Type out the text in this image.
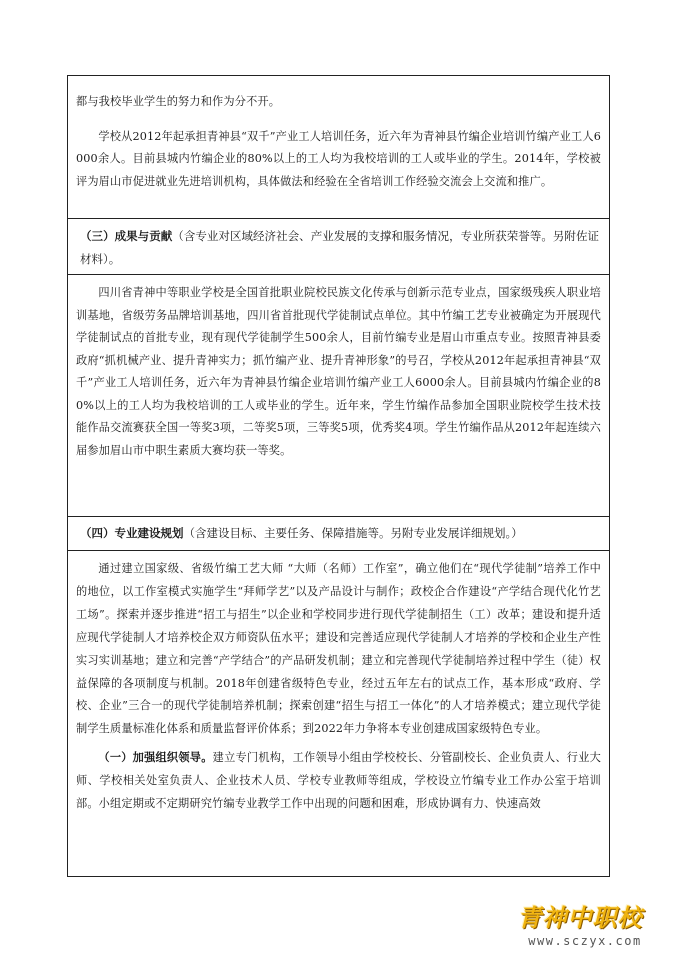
都与我校毕业学生的努力和作为分不开。

学校从2012年起承担青神县“双千”产业工人培训任务，近六年为青神县竹编企业培训竹编产业工人6000余人。目前县城内竹编企业的80%以上的工人均为我校培训的工人或毕业的学生。2014年，学校被评为眉山市促进就业先进培训机构，具体做法和经验在全省培训工作经验交流会上交流和推广。

（三）成果与贡献（含专业对区域经济社会、产业发展的支撑和服务情况，专业所获荣誉等。另附佐证材料）。

四川省青神中等职业学校是全国首批职业院校民族文化传承与创新示范专业点，国家级残疾人职业培训基地，省级劳务品牌培训基地，四川省首批现代学徒制试点单位。其中竹编工艺专业被确定为开展现代学徒制试点的首批专业，现有现代学徒制学生500余人，目前竹编专业是眉山市重点专业。按照青神县委政府“抓机械产业、提升青神实力；抓竹编产业、提升青神形象”的号召，学校从2012年起承担青神县“双千”产业工人培训任务，近六年为青神县竹编企业培训竹编产业工人6000余人。目前县城内竹编企业的80%以上的工人均为我校培训的工人或毕业的学生。近年来，学生竹编作品参加全国职业院校学生技术技能作品交流赛获全国一等奖3项，二等奖5项，三等奖5项，优秀奖4项。学生竹编作品从2012年起连续六届参加眉山市中职生素质大赛均获一等奖。

（四）专业建设规划（含建设目标、主要任务、保障措施等。另附专业发展详细规划。）

通过建立国家级、省级竹编工艺大师 “大师（名师）工作室”，确立他们在“现代学徒制”培养工作中的地位，以工作室模式实施学生“拜师学艺”以及产品设计与制作；政校企合作建设“产学结合现代化竹艺工场”。探索并逐步推进“招工与招生”以企业和学校同步进行现代学徒制招生（工）改革；建设和提升适应现代学徒制人才培养校企双方师资队伍水平；建设和完善适应现代学徒制人才培养的学校和企业生产性实习实训基地；建立和完善“产学结合”的产品研发机制；建立和完善现代学徒制培养过程中学生（徒）权益保障的各项制度与机制。2018年创建省级特色专业，经过五年左右的试点工作，基本形成“政府、学校、企业”三合一的现代学徒制培养机制；探索创建“招生与招工一体化”的人才培养模式；建立现代学徒制学生质量标准化体系和质量监督评价体系；到2022年力争将本专业创建成国家级特色专业。

（一）加强组织领导。建立专门机构，工作领导小组由学校校长、分管副校长、企业负责人、行业大师、学校相关处室负责人、企业技术人员、学校专业教师等组成，学校设立竹编专业工作办公室于培训部。小组定期或不定期研究竹编专业教学工作中出现的问题和困难，形成协调有力、快速高效

青神中职校
www.sczyx.com
